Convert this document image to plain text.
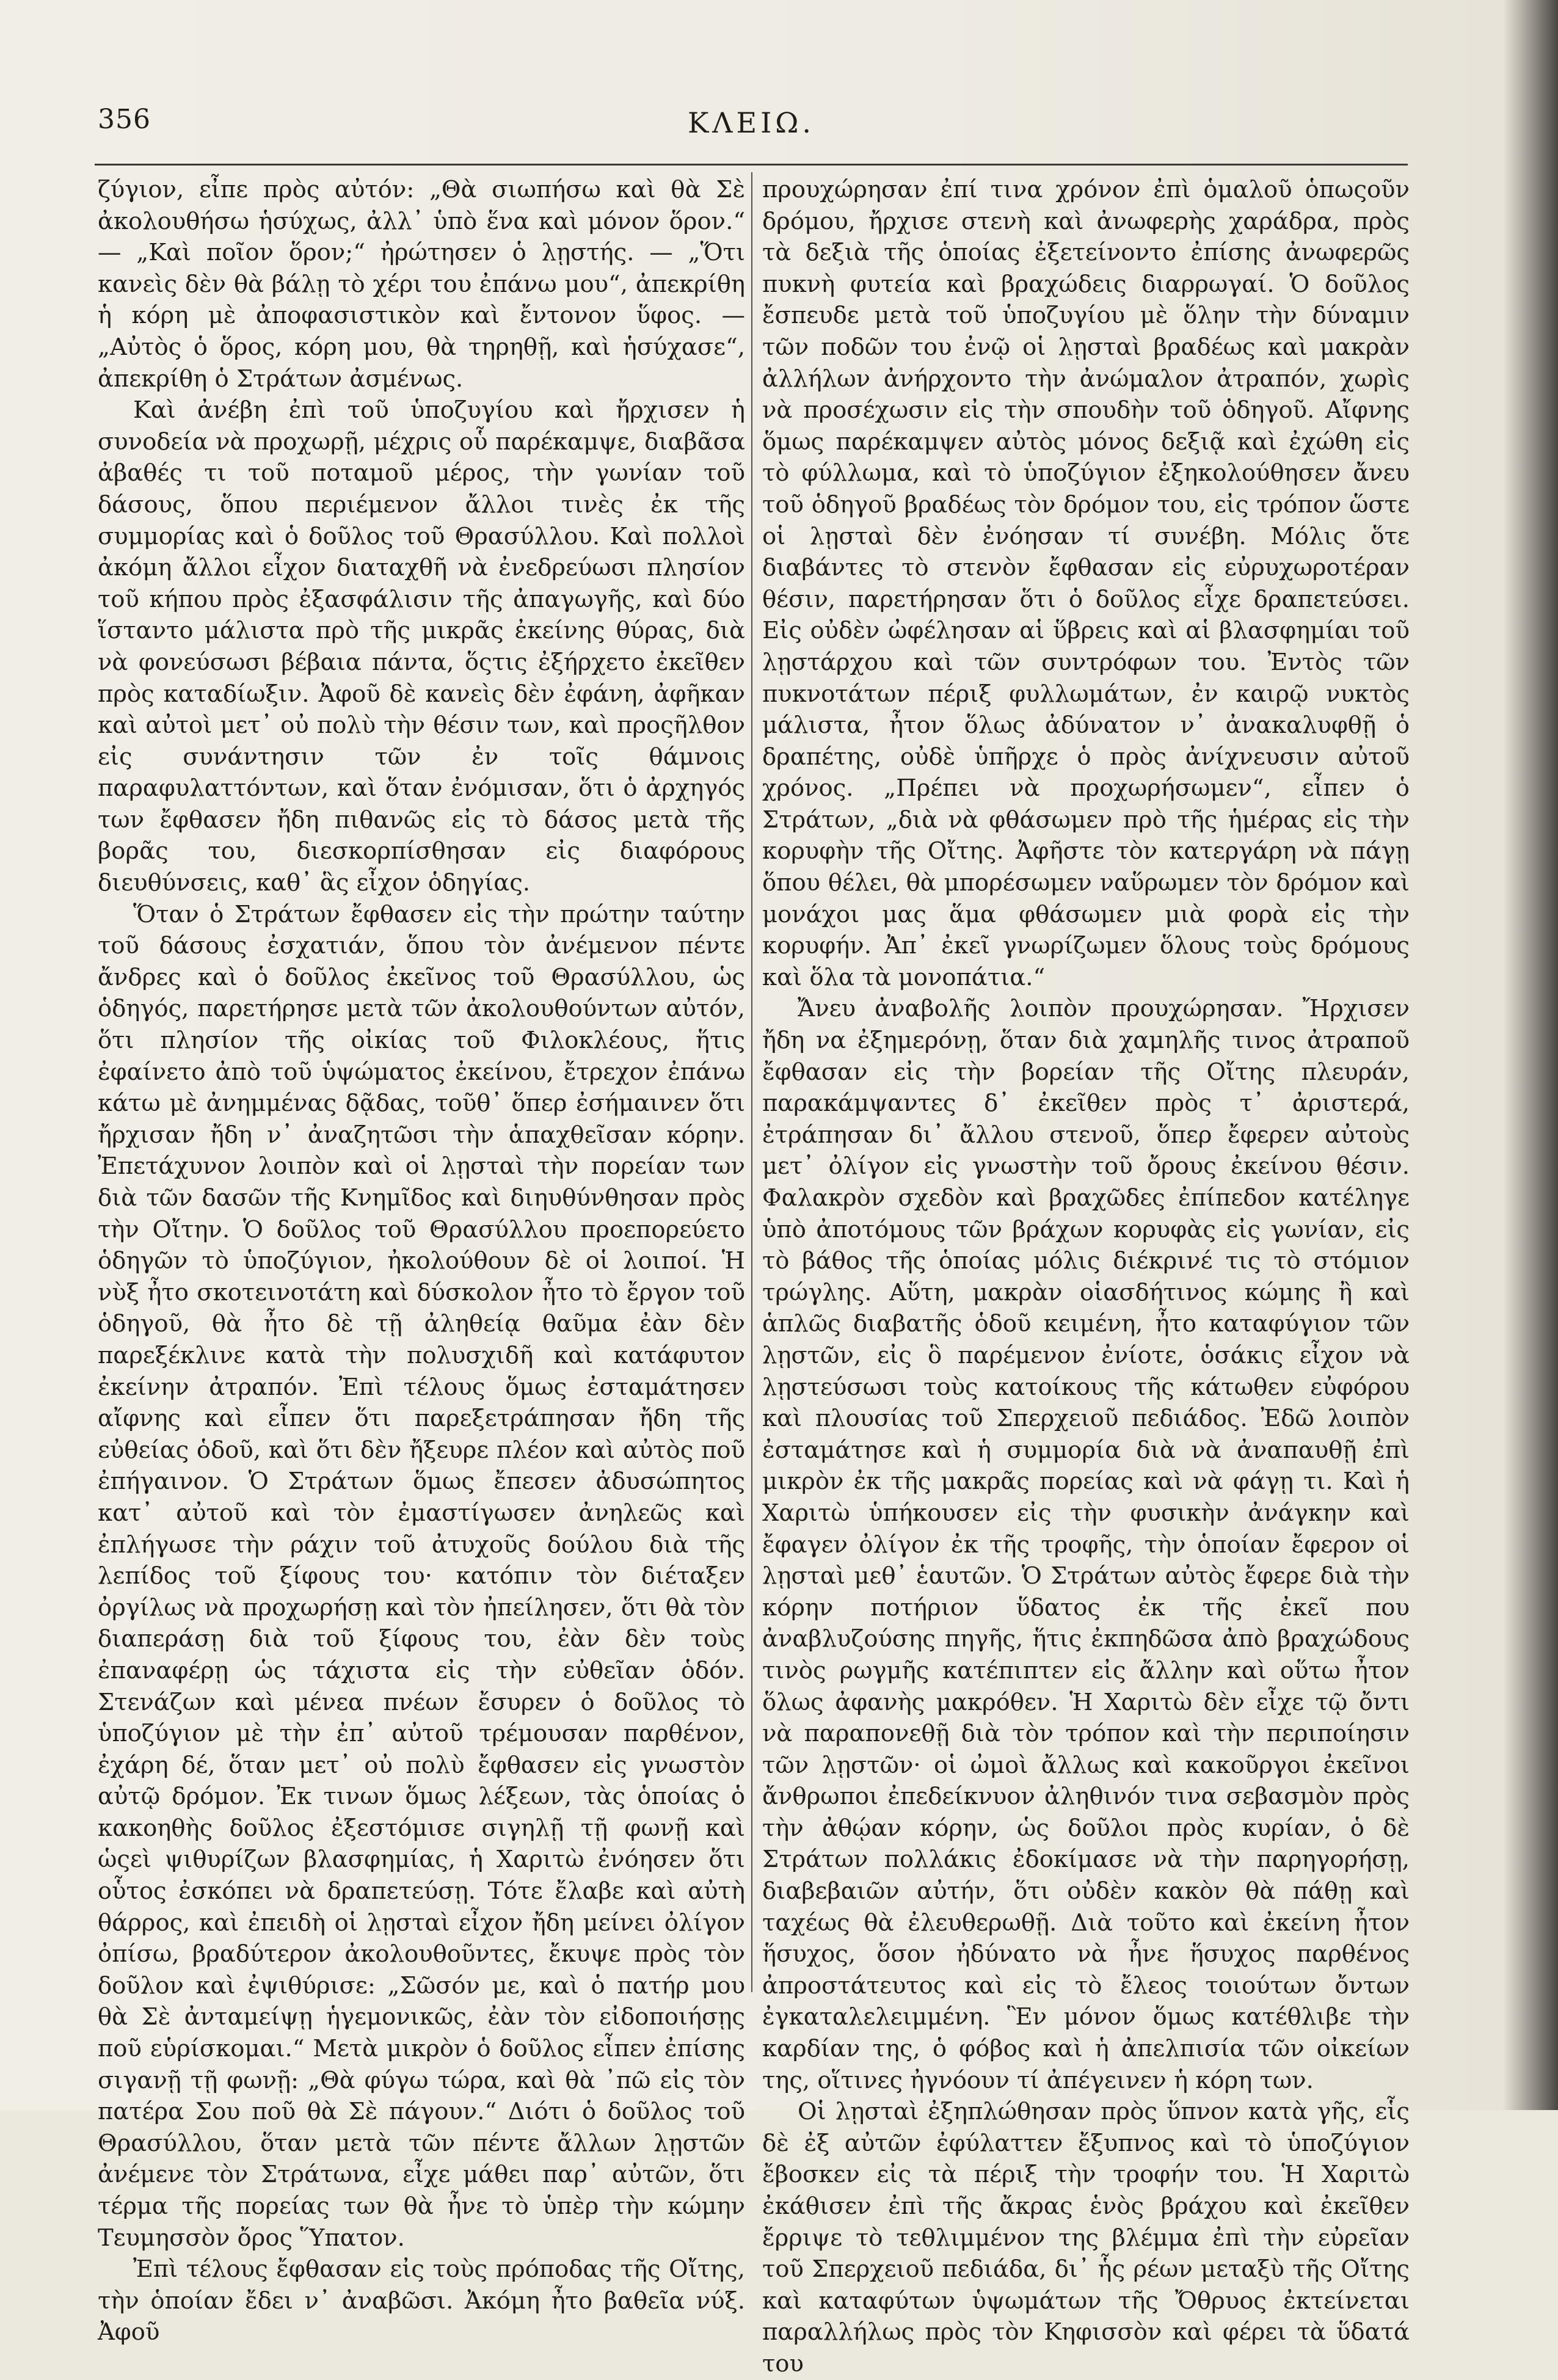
356	ΚΛΕΙΩ.

ζύγιον, εἶπε πρὸς αὐτόν: „Θὰ σιωπήσω καὶ θὰ Σὲ ἀκολουθήσω ἡσύχως, ἀλλ᾽ ὑπὸ ἕνα καὶ μόνον ὅρον.“ — „Καὶ ποῖον ὅρον;“ ἠρώτησεν ὁ λῃστής. — „Ὅτι κανεὶς δὲν θὰ βάλῃ τὸ χέρι του ἐπάνω μου“, ἀπεκρίθη ἡ κόρη μὲ ἀποφασιστικὸν καὶ ἔντονον ὕφος. — „Αὐτὸς ὁ ὅρος, κόρη μου, θὰ τηρηθῇ, καὶ ἡσύχασε“, ἀπεκρίθη ὁ Στράτων ἀσμένως.

Καὶ ἀνέβη ἐπὶ τοῦ ὑποζυγίου καὶ ἤρχισεν ἡ συνοδεία νὰ προχωρῇ, μέχρις οὗ παρέκαμψε, διαβᾶσα ἀβαθές τι τοῦ ποταμοῦ μέρος, τὴν γωνίαν τοῦ δάσους, ὅπου περιέμενον ἄλλοι τινὲς ἐκ τῆς συμμορίας καὶ ὁ δοῦλος τοῦ Θρασύλλου. Καὶ πολλοὶ ἀκόμη ἄλλοι εἶχον διαταχθῆ νὰ ἐνεδρεύωσι πλησίον τοῦ κήπου πρὸς ἐξασφάλισιν τῆς ἀπαγωγῆς, καὶ δύο ἵσταντο μάλιστα πρὸ τῆς μικρᾶς ἐκείνης θύρας, διὰ νὰ φονεύσωσι βέβαια πάντα, ὅςτις ἐξήρχετο ἐκεῖθεν πρὸς καταδίωξιν. Ἀφοῦ δὲ κανεὶς δὲν ἐφάνη, ἀφῆκαν καὶ αὐτοὶ μετ᾽ οὐ πολὺ τὴν θέσιν των, καὶ προςῆλθον εἰς συνάντησιν τῶν ἐν τοῖς θάμνοις παραφυλαττόντων, καὶ ὅταν ἐνόμισαν, ὅτι ὁ ἀρχηγός των ἔφθασεν ἤδη πιθανῶς εἰς τὸ δάσος μετὰ τῆς βορᾶς του, διεσκορπίσθησαν εἰς διαφόρους διευθύνσεις, καθ᾽ ἃς εἶχον ὁδηγίας.

Ὅταν ὁ Στράτων ἔφθασεν εἰς τὴν πρώτην ταύτην τοῦ δάσους ἐσχατιάν, ὅπου τὸν ἀνέμενον πέντε ἄνδρες καὶ ὁ δοῦλος ἐκεῖνος τοῦ Θρασύλλου, ὡς ὁδηγός, παρετήρησε μετὰ τῶν ἀκολουθούντων αὐτόν, ὅτι πλησίον τῆς οἰκίας τοῦ Φιλοκλέους, ἥτις ἐφαίνετο ἀπὸ τοῦ ὑψώματος ἐκείνου, ἔτρεχον ἐπάνω κάτω μὲ ἀνημμένας δᾷδας, τοῦθ᾽ ὅπερ ἐσήμαινεν ὅτι ἤρχισαν ἤδη ν᾽ ἀναζητῶσι τὴν ἁπαχθεῖσαν κόρην. Ἐπετάχυνον λοιπὸν καὶ οἱ λῃσταὶ τὴν πορείαν των διὰ τῶν δασῶν τῆς Κνημῖδος καὶ διηυθύνθησαν πρὸς τὴν Οἴτην. Ὁ δοῦλος τοῦ Θρασύλλου προεπορεύετο ὁδηγῶν τὸ ὑποζύγιον, ἠκολούθουν δὲ οἱ λοιποί. Ἡ νὺξ ἦτο σκοτεινοτάτη καὶ δύσκολον ἦτο τὸ ἔργον τοῦ ὁδηγοῦ, θὰ ἦτο δὲ τῇ ἀληθείᾳ θαῦμα ἐὰν δὲν παρεξέκλινε κατὰ τὴν πολυσχιδῆ καὶ κατάφυτον ἐκείνην ἀτραπόν. Ἐπὶ τέλους ὅμως ἐσταμάτησεν αἴφνης καὶ εἶπεν ὅτι παρεξετράπησαν ἤδη τῆς εὐθείας ὁδοῦ, καὶ ὅτι δὲν ἤξευρε πλέον καὶ αὐτὸς ποῦ ἐπήγαινον. Ὁ Στράτων ὅμως ἔπεσεν ἀδυσώπητος κατ᾽ αὐτοῦ καὶ τὸν ἐμαστίγωσεν ἀνηλεῶς καὶ ἐπλήγωσε τὴν ράχιν τοῦ ἀτυχοῦς δούλου διὰ τῆς λεπίδος τοῦ ξίφους του· κατόπιν τὸν διέταξεν ὀργίλως νὰ προχωρήσῃ καὶ τὸν ἠπείλησεν, ὅτι θὰ τὸν διαπεράσῃ διὰ τοῦ ξίφους του, ἐὰν δὲν τοὺς ἐπαναφέρῃ ὡς τάχιστα εἰς τὴν εὐθεῖαν ὁδόν. Στενάζων καὶ μένεα πνέων ἔσυρεν ὁ δοῦλος τὸ ὑποζύγιον μὲ τὴν ἐπ᾽ αὐτοῦ τρέμουσαν παρθένον, ἐχάρη δέ, ὅταν μετ᾽ οὐ πολὺ ἔφθασεν εἰς γνωστὸν αὐτῷ δρόμον. Ἐκ τινων ὅμως λέξεων, τὰς ὁποίας ὁ κακοηθὴς δοῦλος ἐξεστόμισε σιγηλῇ τῇ φωνῇ καὶ ὡςεὶ ψιθυρίζων βλασφημίας, ἡ Χαριτὼ ἐνόησεν ὅτι οὗτος ἐσκόπει νὰ δραπετεύσῃ. Τότε ἔλαβε καὶ αὐτὴ θάρρος, καὶ ἐπειδὴ οἱ λῃσταὶ εἶχον ἤδη μείνει ὀλίγον ὀπίσω, βραδύτερον ἀκολουθοῦντες, ἔκυψε πρὸς τὸν δοῦλον καὶ ἐψιθύρισε: „Σῶσόν με, καὶ ὁ πατήρ μου θὰ Σὲ ἀνταμείψῃ ἡγεμονικῶς, ἐὰν τὸν εἰδοποιήσῃς ποῦ εὑρίσκομαι.“ Μετὰ μικρὸν ὁ δοῦλος εἶπεν ἐπίσης σιγανῇ τῇ φωνῇ: „Θὰ φύγω τώρα, καὶ θὰ ᾽πῶ εἰς τὸν πατέρα Σου ποῦ θὰ Σὲ πάγουν.“ Διότι ὁ δοῦλος τοῦ Θρασύλλου, ὅταν μετὰ τῶν πέντε ἄλλων λῃστῶν ἀνέμενε τὸν Στράτωνα, εἶχε μάθει παρ᾽ αὐτῶν, ὅτι τέρμα τῆς πορείας των θὰ ἦνε τὸ ὑπὲρ τὴν κώμην Τευμησσὸν ὄρος Ὕπατον.

Ἐπὶ τέλους ἔφθασαν εἰς τοὺς πρόποδας τῆς Οἴτης, τὴν ὁποίαν ἔδει ν᾽ ἀναβῶσι. Ἀκόμη ἦτο βαθεῖα νύξ. Ἀφοῦ

προυχώρησαν ἐπί τινα χρόνον ἐπὶ ὁμαλοῦ ὁπωςοῦν δρόμου, ἤρχισε στενὴ καὶ ἀνωφερὴς χαράδρα, πρὸς τὰ δεξιὰ τῆς ὁποίας ἐξετείνοντο ἐπίσης ἀνωφερῶς πυκνὴ φυτεία καὶ βραχώδεις διαρρωγαί. Ὁ δοῦλος ἔσπευδε μετὰ τοῦ ὑποζυγίου μὲ ὅλην τὴν δύναμιν τῶν ποδῶν του ἐνῷ οἱ λῃσταὶ βραδέως καὶ μακρὰν ἀλλήλων ἀνήρχοντο τὴν ἀνώμαλον ἀτραπόν, χωρὶς νὰ προσέχωσιν εἰς τὴν σπουδὴν τοῦ ὁδηγοῦ. Αἴφνης ὅμως παρέκαμψεν αὐτὸς μόνος δεξιᾷ καὶ ἐχώθη εἰς τὸ φύλλωμα, καὶ τὸ ὑποζύγιον ἐξηκολούθησεν ἄνευ τοῦ ὁδηγοῦ βραδέως τὸν δρόμον του, εἰς τρόπον ὥστε οἱ λῃσταὶ δὲν ἐνόησαν τί συνέβη. Μόλις ὅτε διαβάντες τὸ στενὸν ἔφθασαν εἰς εὐρυχωροτέραν θέσιν, παρετήρησαν ὅτι ὁ δοῦλος εἶχε δραπετεύσει. Εἰς οὐδὲν ὠφέλησαν αἱ ὕβρεις καὶ αἱ βλασφημίαι τοῦ λῃστάρχου καὶ τῶν συντρόφων του. Ἐντὸς τῶν πυκνοτάτων πέριξ φυλλωμάτων, ἐν καιρῷ νυκτὸς μάλιστα, ἦτον ὅλως ἀδύνατον ν᾽ ἀνακαλυφθῇ ὁ δραπέτης, οὐδὲ ὑπῆρχε ὁ πρὸς ἀνίχνευσιν αὐτοῦ χρόνος. „Πρέπει νὰ προχωρήσωμεν“, εἶπεν ὁ Στράτων, „διὰ νὰ φθάσωμεν πρὸ τῆς ἡμέρας εἰς τὴν κορυφὴν τῆς Οἴτης. Ἀφῆστε τὸν κατεργάρη νὰ πάγῃ ὅπου θέλει, θὰ μπορέσωμεν ναὕρωμεν τὸν δρόμον καὶ μονάχοι μας ἅμα φθάσωμεν μιὰ φορὰ εἰς τὴν κορυφήν. Ἀπ᾽ ἐκεῖ γνωρίζωμεν ὅλους τοὺς δρόμους καὶ ὅλα τὰ μονοπάτια.“

Ἄνευ ἀναβολῆς λοιπὸν προυχώρησαν. Ἤρχισεν ἤδη να ἐξημερόνῃ, ὅταν διὰ χαμηλῆς τινος ἀτραποῦ ἔφθασαν εἰς τὴν βορείαν τῆς Οἴτης πλευράν, παρακάμψαντες δ᾽ ἐκεῖθεν πρὸς τ᾽ ἀριστερά, ἐτράπησαν δι᾽ ἄλλου στενοῦ, ὅπερ ἔφερεν αὐτοὺς μετ᾽ ὀλίγον εἰς γνωστὴν τοῦ ὄρους ἐκείνου θέσιν. Φαλακρὸν σχεδὸν καὶ βραχῶδες ἐπίπεδον κατέληγε ὑπὸ ἀποτόμους τῶν βράχων κορυφὰς εἰς γωνίαν, εἰς τὸ βάθος τῆς ὁποίας μόλις διέκρινέ τις τὸ στόμιον τρώγλης. Αὕτη, μακρὰν οἱασδήτινος κώμης ἢ καὶ ἁπλῶς διαβατῆς ὁδοῦ κειμένη, ἦτο καταφύγιον τῶν λῃστῶν, εἰς ὃ παρέμενον ἐνίοτε, ὁσάκις εἶχον νὰ λῃστεύσωσι τοὺς κατοίκους τῆς κάτωθεν εὐφόρου καὶ πλουσίας τοῦ Σπερχειοῦ πεδιάδος. Ἐδῶ λοιπὸν ἐσταμάτησε καὶ ἡ συμμορία διὰ νὰ ἀναπαυθῇ ἐπὶ μικρὸν ἐκ τῆς μακρᾶς πορείας καὶ νὰ φάγῃ τι. Καὶ ἡ Χαριτὼ ὑπήκουσεν εἰς τὴν φυσικὴν ἀνάγκην καὶ ἔφαγεν ὀλίγον ἐκ τῆς τροφῆς, τὴν ὁποίαν ἔφερον οἱ λῃσταὶ μεθ᾽ ἑαυτῶν. Ὁ Στράτων αὐτὸς ἔφερε διὰ τὴν κόρην ποτήριον ὕδατος ἐκ τῆς ἐκεῖ που ἀναβλυζούσης πηγῆς, ἥτις ἐκπηδῶσα ἀπὸ βραχώδους τινὸς ρωγμῆς κατέπιπτεν εἰς ἄλλην καὶ οὕτω ἦτον ὅλως ἀφανὴς μακρόθεν. Ἡ Χαριτὼ δὲν εἶχε τῷ ὄντι νὰ παραπονεθῇ διὰ τὸν τρόπον καὶ τὴν περιποίησιν τῶν λῃστῶν· οἱ ὠμοὶ ἄλλως καὶ κακοῦργοι ἐκεῖνοι ἄνθρωποι ἐπεδείκνυον ἀληθινόν τινα σεβασμὸν πρὸς τὴν ἀθῴαν κόρην, ὡς δοῦλοι πρὸς κυρίαν, ὁ δὲ Στράτων πολλάκις ἐδοκίμασε νὰ τὴν παρηγορήσῃ, διαβεβαιῶν αὐτήν, ὅτι οὐδὲν κακὸν θὰ πάθῃ καὶ ταχέως θὰ ἐλευθερωθῇ. Διὰ τοῦτο καὶ ἐκείνη ἦτον ἥσυχος, ὅσον ἠδύνατο νὰ ἦνε ἥσυχος παρθένος ἀπροστάτευτος καὶ εἰς τὸ ἔλεος τοιούτων ὄντων ἐγκαταλελειμμένη. Ἓν μόνον ὅμως κατέθλιβε τὴν καρδίαν της, ὁ φόβος καὶ ἡ ἀπελπισία τῶν οἰκείων της, οἵτινες ἠγνόουν τί ἀπέγεινεν ἡ κόρη των.

Οἱ λῃσταὶ ἐξηπλώθησαν πρὸς ὕπνον κατὰ γῆς, εἷς δὲ ἐξ αὐτῶν ἐφύλαττεν ἔξυπνος καὶ τὸ ὑποζύγιον ἔβοσκεν εἰς τὰ πέριξ τὴν τροφήν του. Ἡ Χαριτὼ ἐκάθισεν ἐπὶ τῆς ἄκρας ἑνὸς βράχου καὶ ἐκεῖθεν ἔρριψε τὸ τεθλιμμένον της βλέμμα ἐπὶ τὴν εὐρεῖαν τοῦ Σπερχειοῦ πεδιάδα, δι᾽ ἧς ρέων μεταξὺ τῆς Οἴτης καὶ καταφύτων ὑψωμάτων τῆς Ὄθρυος ἐκτείνεται παραλλήλως πρὸς τὸν Κηφισσὸν καὶ φέρει τὰ ὕδατά του
